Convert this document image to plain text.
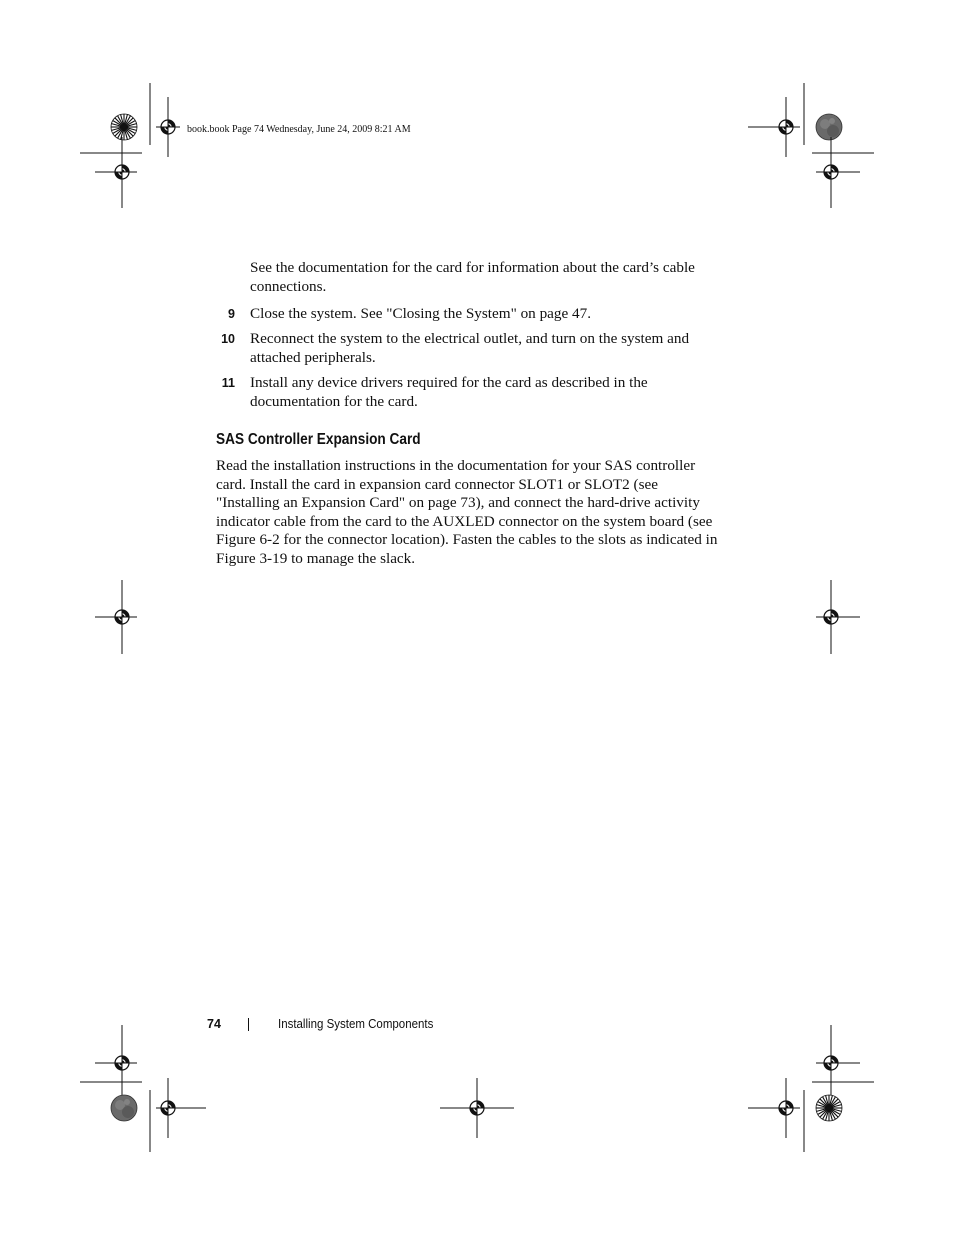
book.book Page 74 Wednesday, June 24, 2009 8:21 AM

See the documentation for the card for information about the card’s cable connections.

9 Close the system. See "Closing the System" on page 47.
10 Reconnect the system to the electrical outlet, and turn on the system and attached peripherals.
11 Install any device drivers required for the card as described in the documentation for the card.
SAS Controller Expansion Card

Read the installation instructions in the documentation for your SAS controller card. Install the card in expansion card connector SLOT1 or SLOT2 (see "Installing an Expansion Card" on page 73), and connect the hard-drive activity indicator cable from the card to the AUXLED connector on the system board (see Figure 6-2 for the connector location). Fasten the cables to the slots as indicated in Figure 3-19 to manage the slack.

74	Installing System Components
